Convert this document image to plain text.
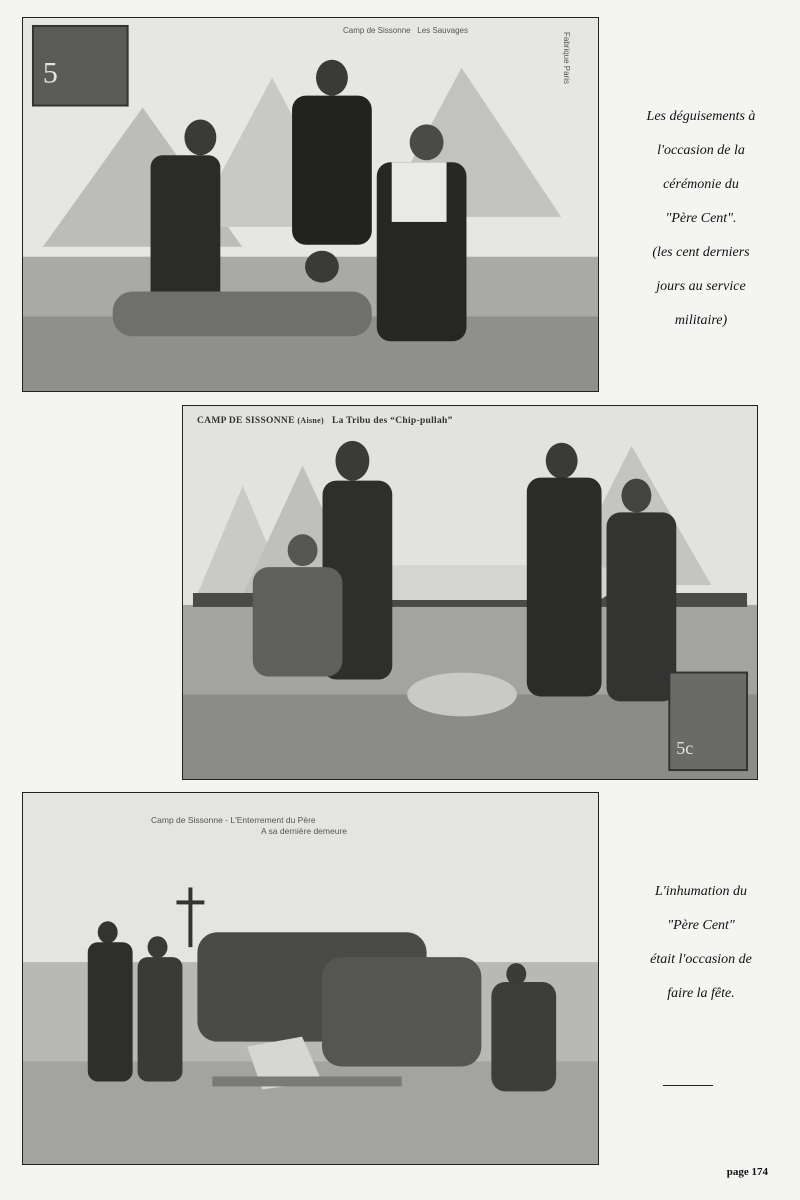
5
Camp de Sissonne Les Sauvages
Fabrique Paris
Les déguisements à
l'occasion de la
cérémonie du
"Père Cent".
(les cent derniers
jours au service
militaire)
5c
CAMP DE SISSONNE (Aisne) La Tribu des “Chip-pullah”
Camp de Sissonne - L'Enterrement du Père
A sa dernière demeure
L'inhumation du
"Père Cent"
était l'occasion de
faire la fête.
page 174
